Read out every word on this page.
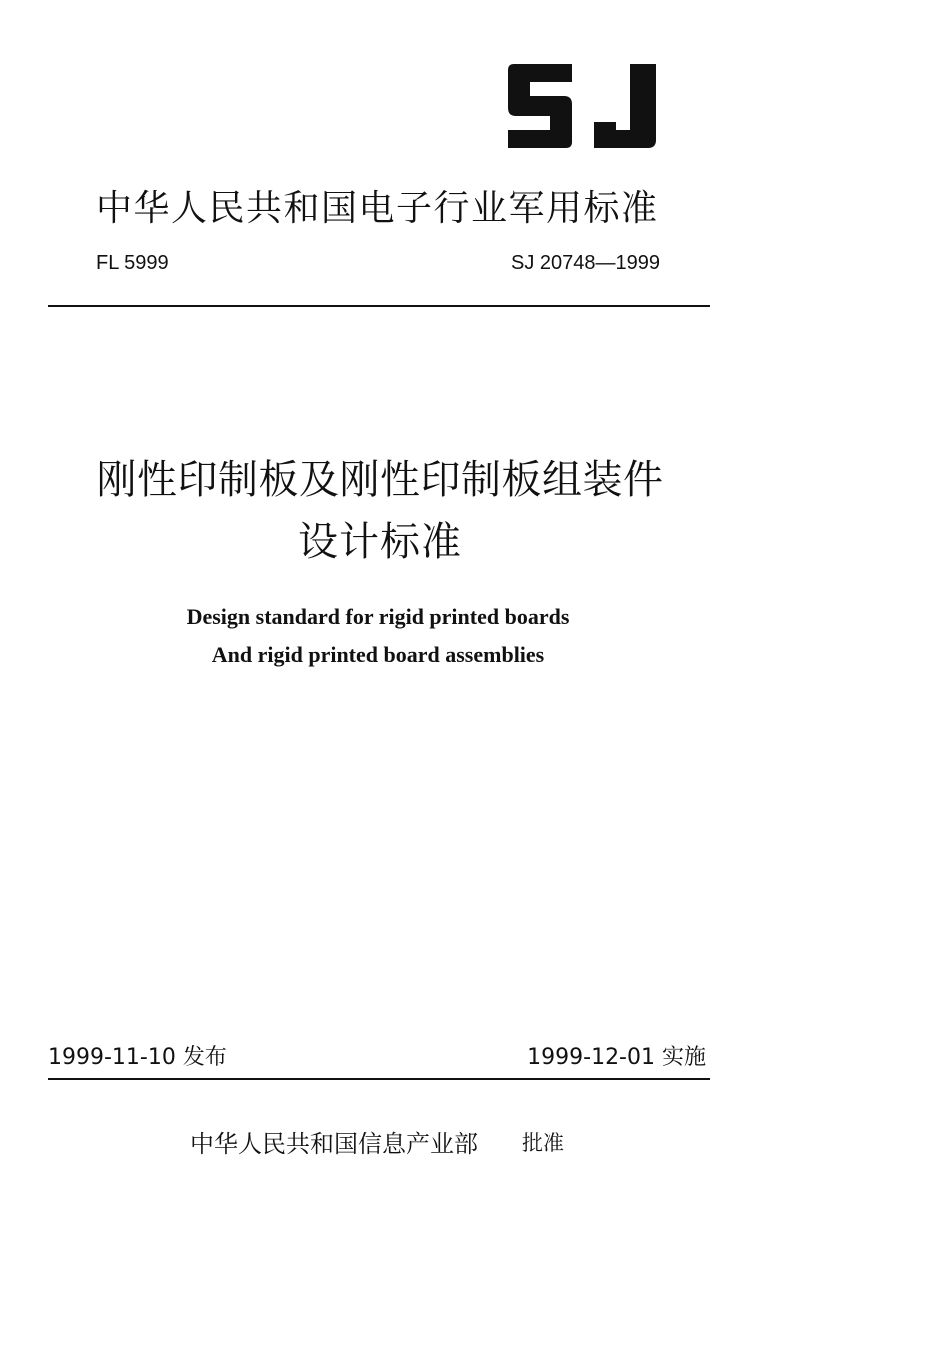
中华人民共和国电子行业军用标准
FL 5999	SJ 20748—1999
刚性印制板及刚性印制板组装件
设计标准
Design standard for rigid printed boards
And rigid printed board assemblies
1999-11-10 发布	1999-12-01 实施
中华人民共和国信息产业部 批准
